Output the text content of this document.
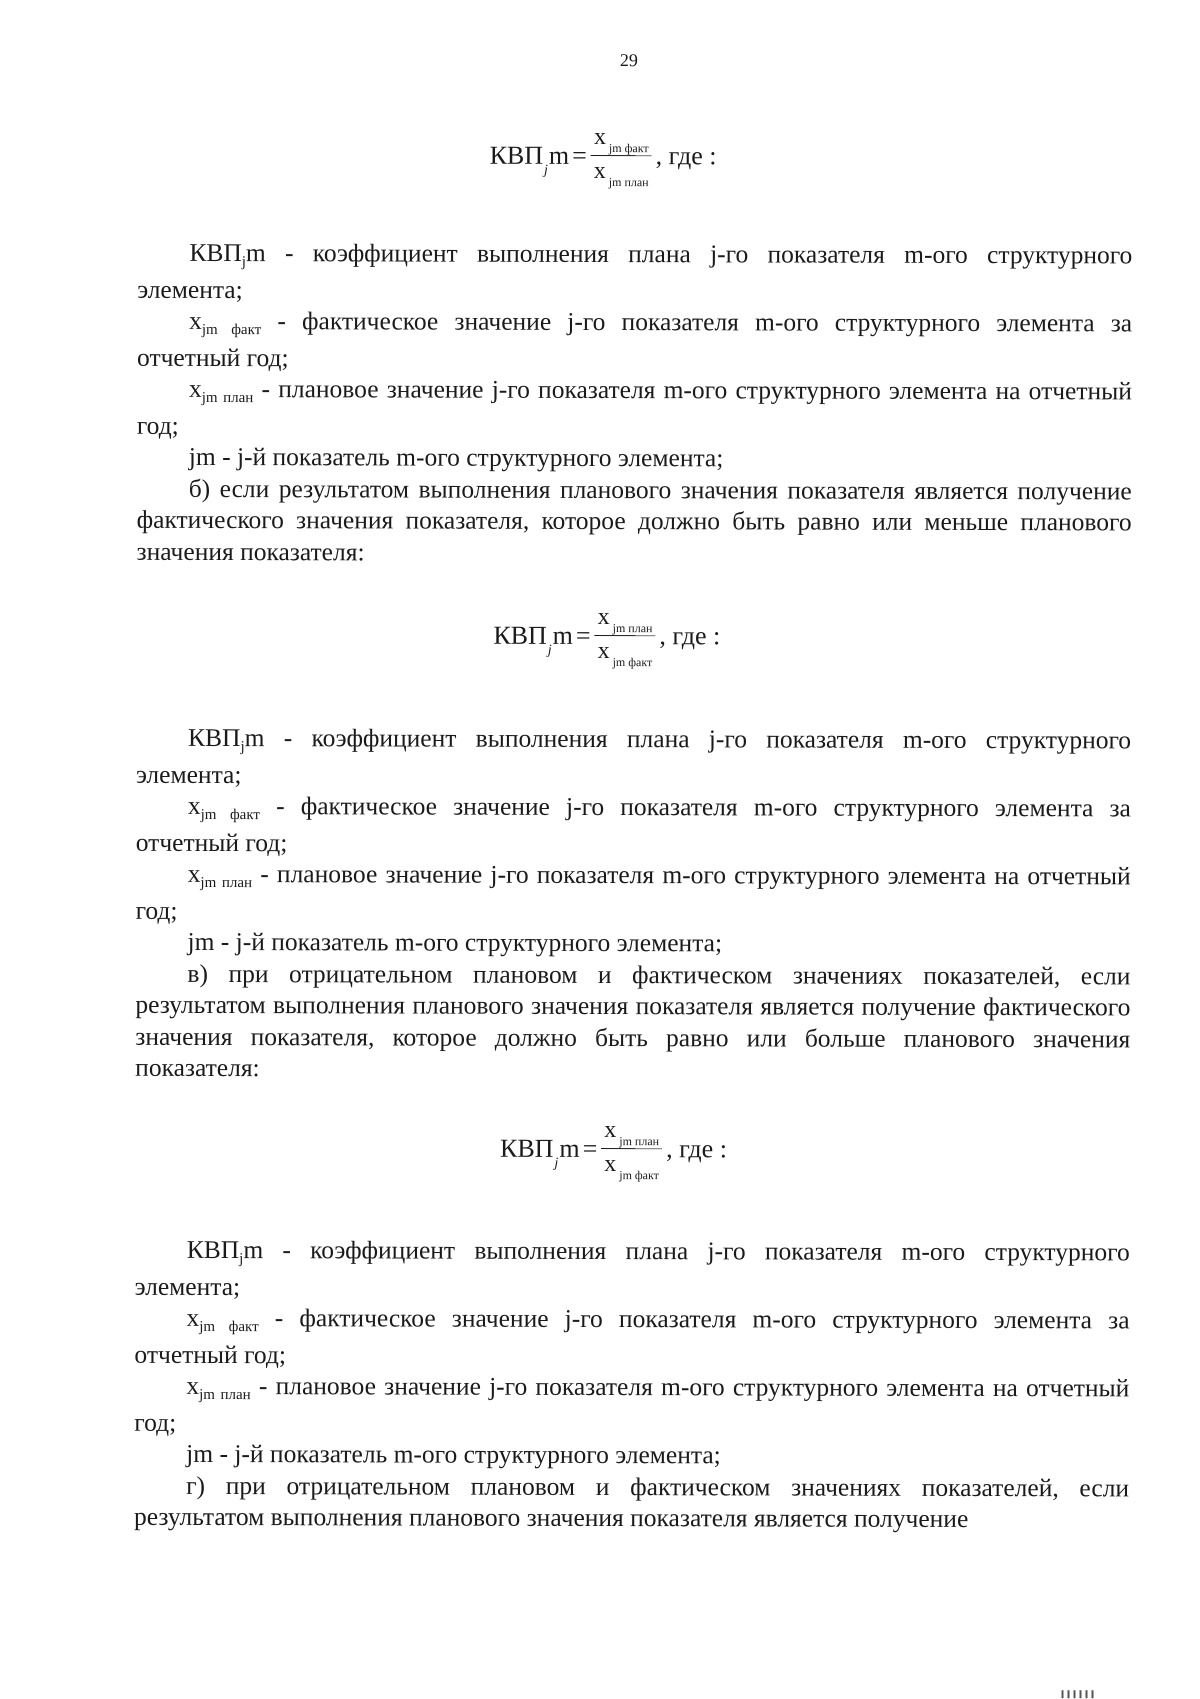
29
КВП
j
$m = \frac{\text{x jm факт}}{\text{x jm план}}$ , где :

КВПjm - коэффициент выполнения плана j-го показателя m-ого структурного элемента;

xjm факт - фактическое значение j-го показателя m-ого структурного элемента за отчетный год;

xjm план - плановое значение j-го показателя m-ого структурного элемента на отчетный год;

jm - j-й показатель m-ого структурного элемента;

б) если результатом выполнения планового значения показателя является получение фактического значения показателя, которое должно быть равно или меньше планового значения показателя:

КВП
j
$m = \frac{\text{x jm план}}{\text{x jm факт}}$ , где :

КВПjm - коэффициент выполнения плана j-го показателя m-ого структурного элемента;

xjm факт - фактическое значение j-го показателя m-ого структурного элемента за отчетный год;

xjm план - плановое значение j-го показателя m-ого структурного элемента на отчетный год;

jm - j-й показатель m-ого структурного элемента;

в) при отрицательном плановом и фактическом значениях показателей, если результатом выполнения планового значения показателя является получение фактического значения показателя, которое должно быть равно или больше планового значения показателя:

КВП
j
$m = \frac{\text{x jm план}}{\text{x jm факт}}$ , где :

КВПjm - коэффициент выполнения плана j-го показателя m-ого структурного элемента;

xjm факт - фактическое значение j-го показателя m-ого структурного элемента за отчетный год;

xjm план - плановое значение j-го показателя m-ого структурного элемента на отчетный год;

jm - j-й показатель m-ого структурного элемента;

г) при отрицательном плановом и фактическом значениях показателей, если результатом выполнения планового значения показателя является получение
